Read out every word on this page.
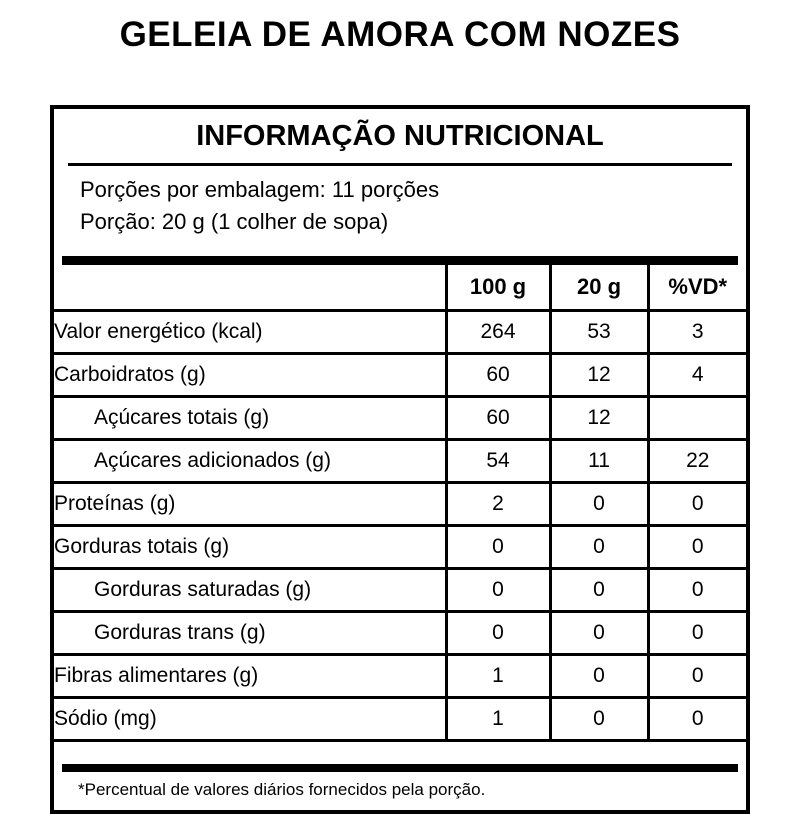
GELEIA DE AMORA COM NOZES
INFORMAÇÃO NUTRICIONAL
Porções por embalagem: 11 porções
Porção: 20 g (1 colher de sopa)
	100 g	20 g	%VD*
Valor energético (kcal)	264	53	3
Carboidratos (g)	60	12	4
Açúcares totais (g)	60	12	
Açúcares adicionados (g)	54	11	22
Proteínas (g)	2	0	0
Gorduras totais (g)	0	0	0
Gorduras saturadas (g)	0	0	0
Gorduras trans (g)	0	0	0
Fibras alimentares (g)	1	0	0
Sódio (mg)	1	0	0

*Percentual de valores diários fornecidos pela porção.
